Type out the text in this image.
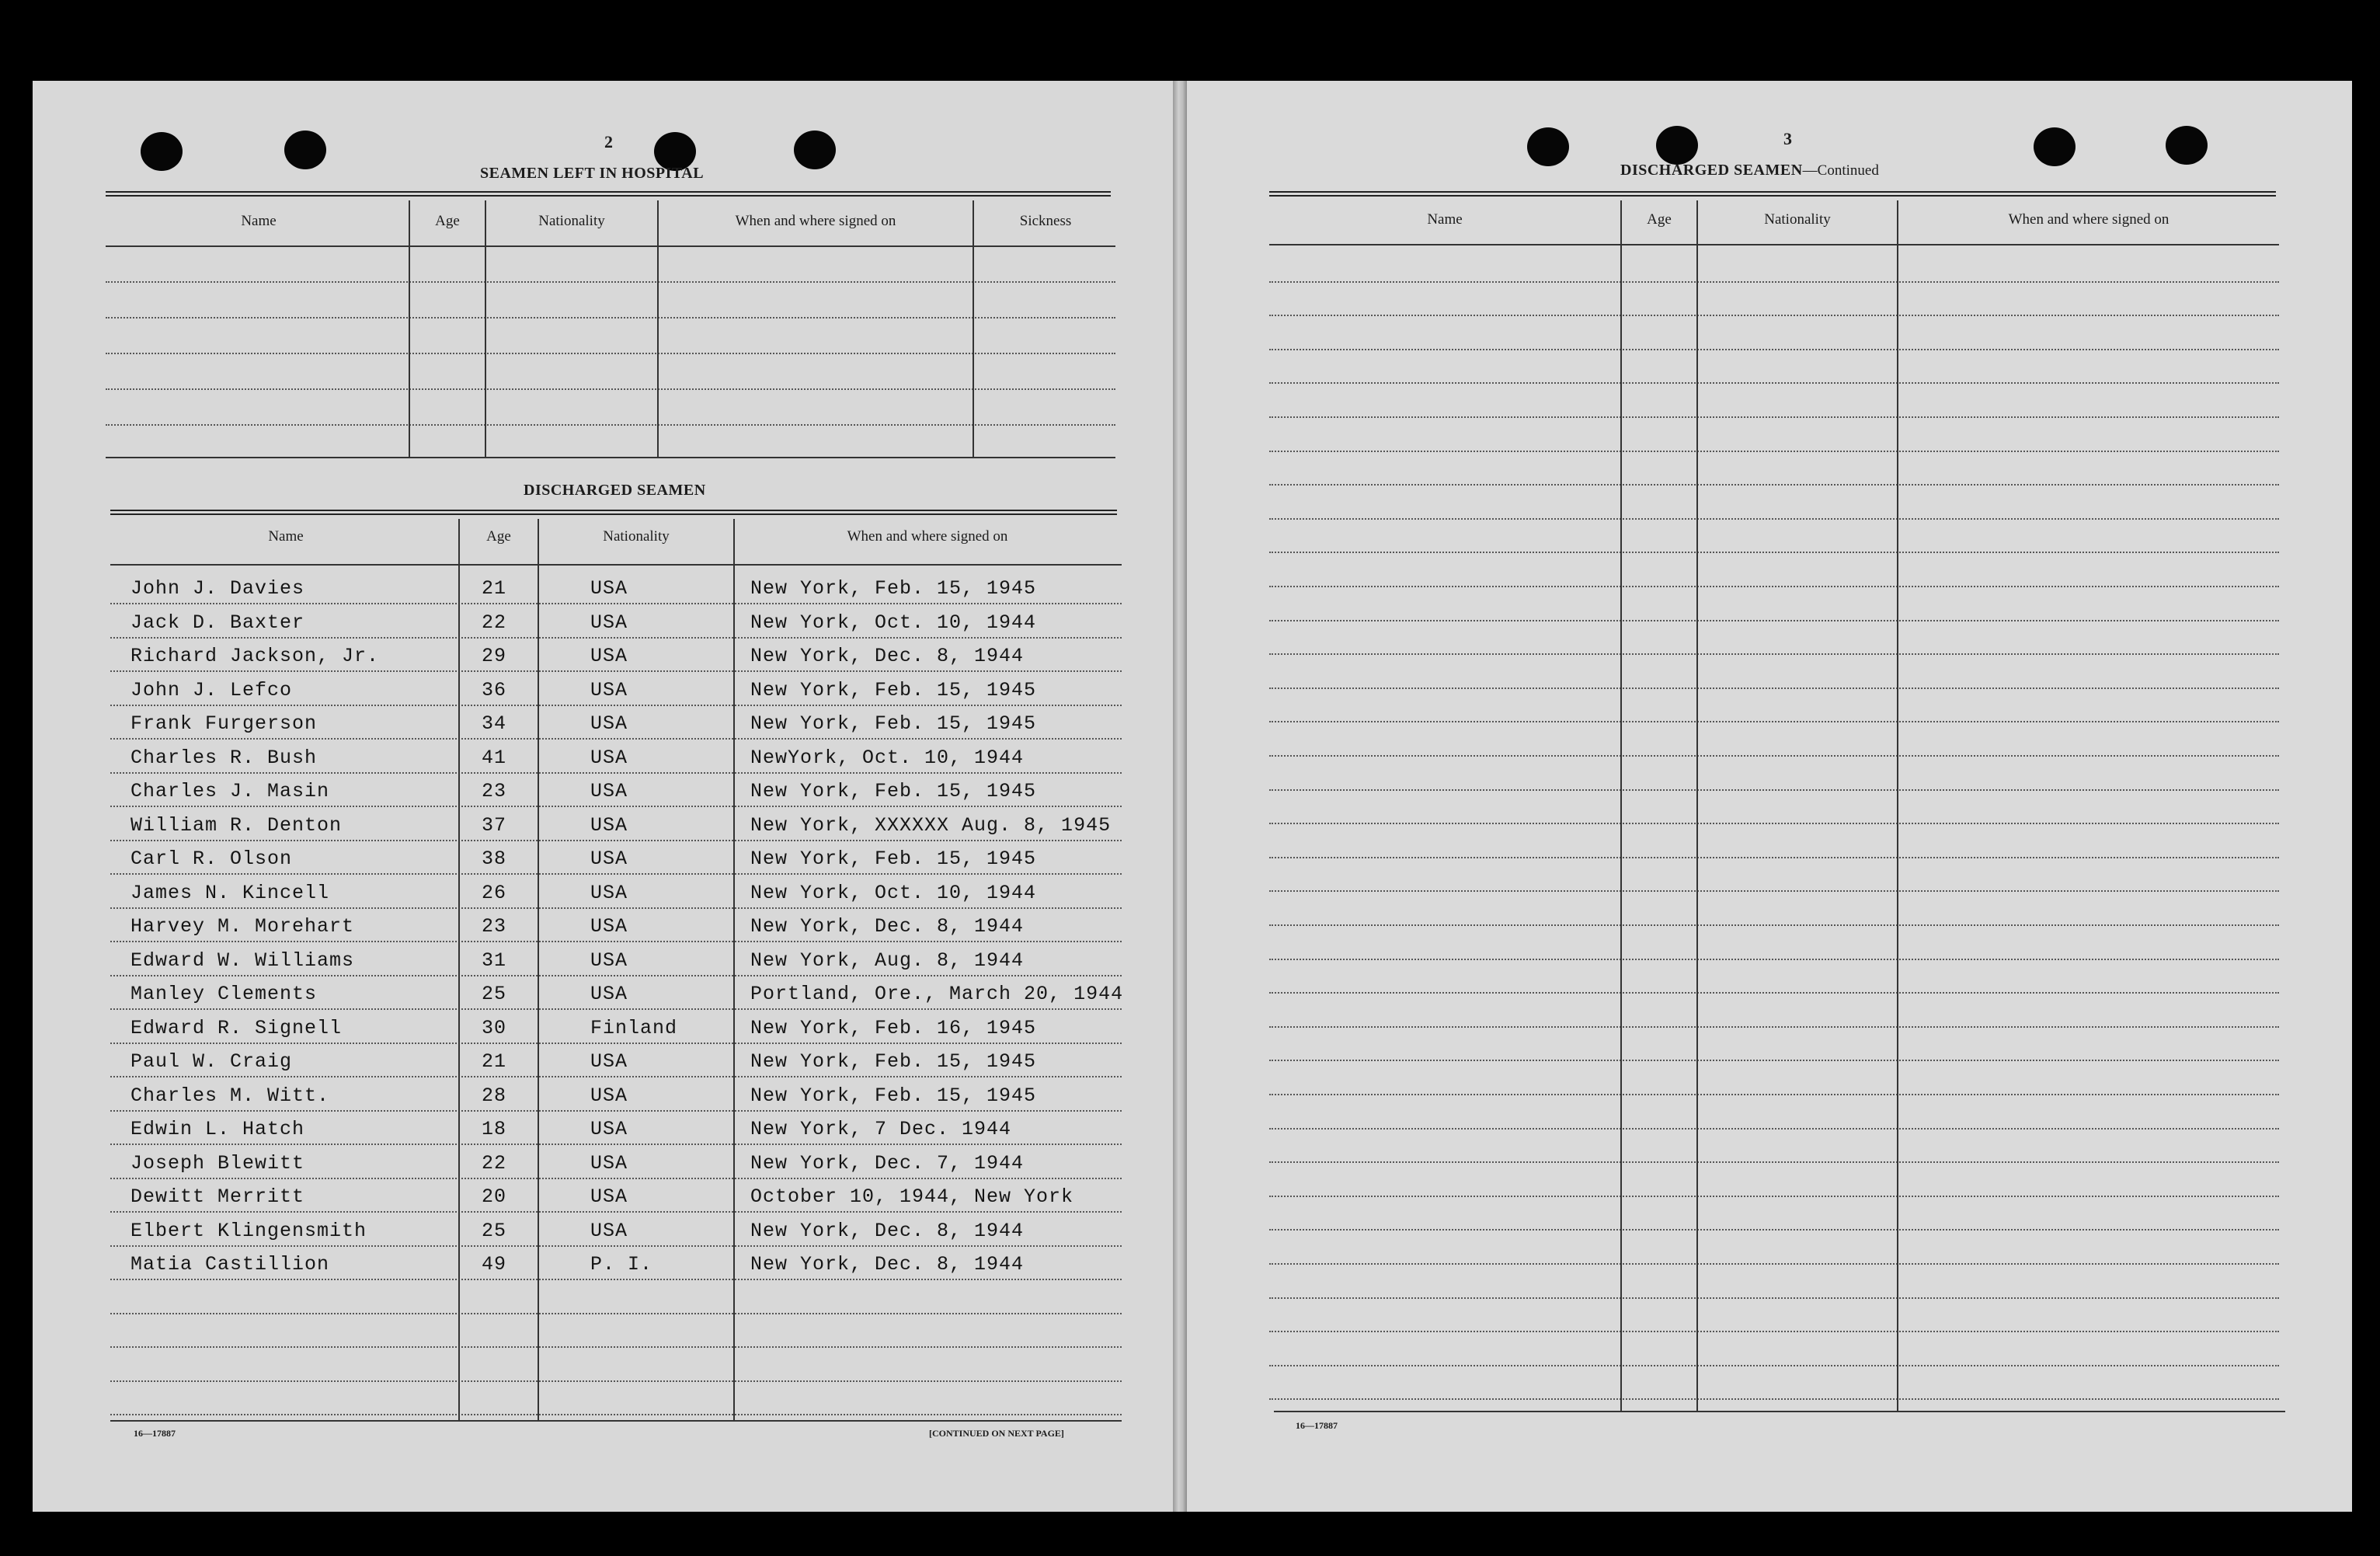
2
SEAMEN LEFT IN HOSPITAL
Name	Age	Nationality	When and where signed on	Sickness
DISCHARGED SEAMEN
Name	Age	Nationality	When and where signed on
John J. Davies	21	USA	New York, Feb. 15, 1945
Jack D. Baxter	22	USA	New York, Oct. 10, 1944
Richard Jackson, Jr.	29	USA	New York, Dec. 8, 1944
John J. Lefco	36	USA	New York, Feb. 15, 1945
Frank Furgerson	34	USA	New York, Feb. 15, 1945
Charles R. Bush	41	USA	NewYork, Oct. 10, 1944
Charles J. Masin	23	USA	New York, Feb. 15, 1945
William R. Denton	37	USA	New York, XXXXXX Aug. 8, 1945
Carl R. Olson	38	USA	New York, Feb. 15, 1945
James N. Kincell	26	USA	New York, Oct. 10, 1944
Harvey M. Morehart	23	USA	New York, Dec. 8, 1944
Edward W. Williams	31	USA	New York, Aug. 8, 1944
Manley Clements	25	USA	Portland, Ore., March 20, 1944
Edward R. Signell	30	Finland	New York, Feb. 16, 1945
Paul W. Craig	21	USA	New York, Feb. 15, 1945
Charles M. Witt.	28	USA	New York, Feb. 15, 1945
Edwin L. Hatch	18	USA	New York, 7 Dec. 1944
Joseph Blewitt	22	USA	New York, Dec. 7, 1944
Dewitt Merritt	20	USA	October 10, 1944, New York
Elbert Klingensmith	25	USA	New York, Dec. 8, 1944
Matia Castillion	49	P. I.	New York, Dec. 8, 1944
16—17887	[CONTINUED ON NEXT PAGE]
3
DISCHARGED SEAMEN—Continued
Name	Age	Nationality	When and where signed on
16—17887
